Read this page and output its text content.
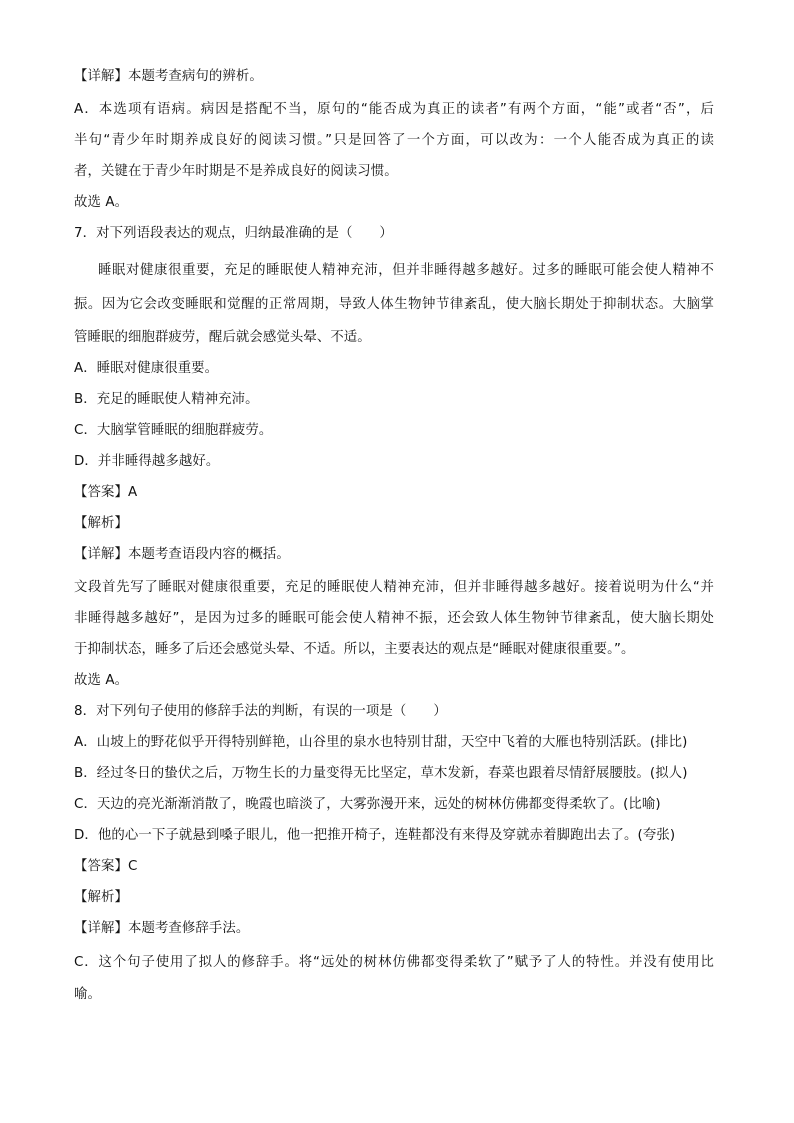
【详解】本题考查病句的辨析。
A．本选项有语病。病因是搭配不当，原句的“能否成为真正的读者”有两个方面，“能”或者“否”，后
半句“青少年时期养成良好的阅读习惯。”只是回答了一个方面，可以改为：一个人能否成为真正的读
者，关键在于青少年时期是不是养成良好的阅读习惯。
故选 A。
7．对下列语段表达的观点，归纳最准确的是（　　）
睡眠对健康很重要，充足的睡眠使人精神充沛，但并非睡得越多越好。过多的睡眠可能会使人精神不
振。因为它会改变睡眠和觉醒的正常周期，导致人体生物钟节律紊乱，使大脑长期处于抑制状态。大脑掌
管睡眠的细胞群疲劳，醒后就会感觉头晕、不适。
A．睡眠对健康很重要。
B．充足的睡眠使人精神充沛。
C．大脑掌管睡眠的细胞群疲劳。
D．并非睡得越多越好。
【答案】A
【解析】
【详解】本题考查语段内容的概括。
文段首先写了睡眠对健康很重要，充足的睡眠使人精神充沛，但并非睡得越多越好。接着说明为什么“并
非睡得越多越好”，是因为过多的睡眠可能会使人精神不振，还会致人体生物钟节律紊乱，使大脑长期处
于抑制状态，睡多了后还会感觉头晕、不适。所以，主要表达的观点是“睡眠对健康很重要。”。
故选 A。
8．对下列句子使用的修辞手法的判断，有误的一项是（　　）
A．山坡上的野花似乎开得特别鲜艳，山谷里的泉水也特别甘甜，天空中飞着的大雁也特别活跃。(排比)
B．经过冬日的蛰伏之后，万物生长的力量变得无比坚定，草木发新，春菜也跟着尽情舒展腰肢。(拟人)
C．天边的亮光渐渐消散了，晚霞也暗淡了，大雾弥漫开来，远处的树林仿佛都变得柔软了。(比喻)
D．他的心一下子就悬到嗓子眼儿，他一把推开椅子，连鞋都没有来得及穿就赤着脚跑出去了。(夸张)
【答案】C
【解析】
【详解】本题考查修辞手法。
C．这个句子使用了拟人的修辞手。将“远处的树林仿佛都变得柔软了”赋予了人的特性。并没有使用比
喻。
